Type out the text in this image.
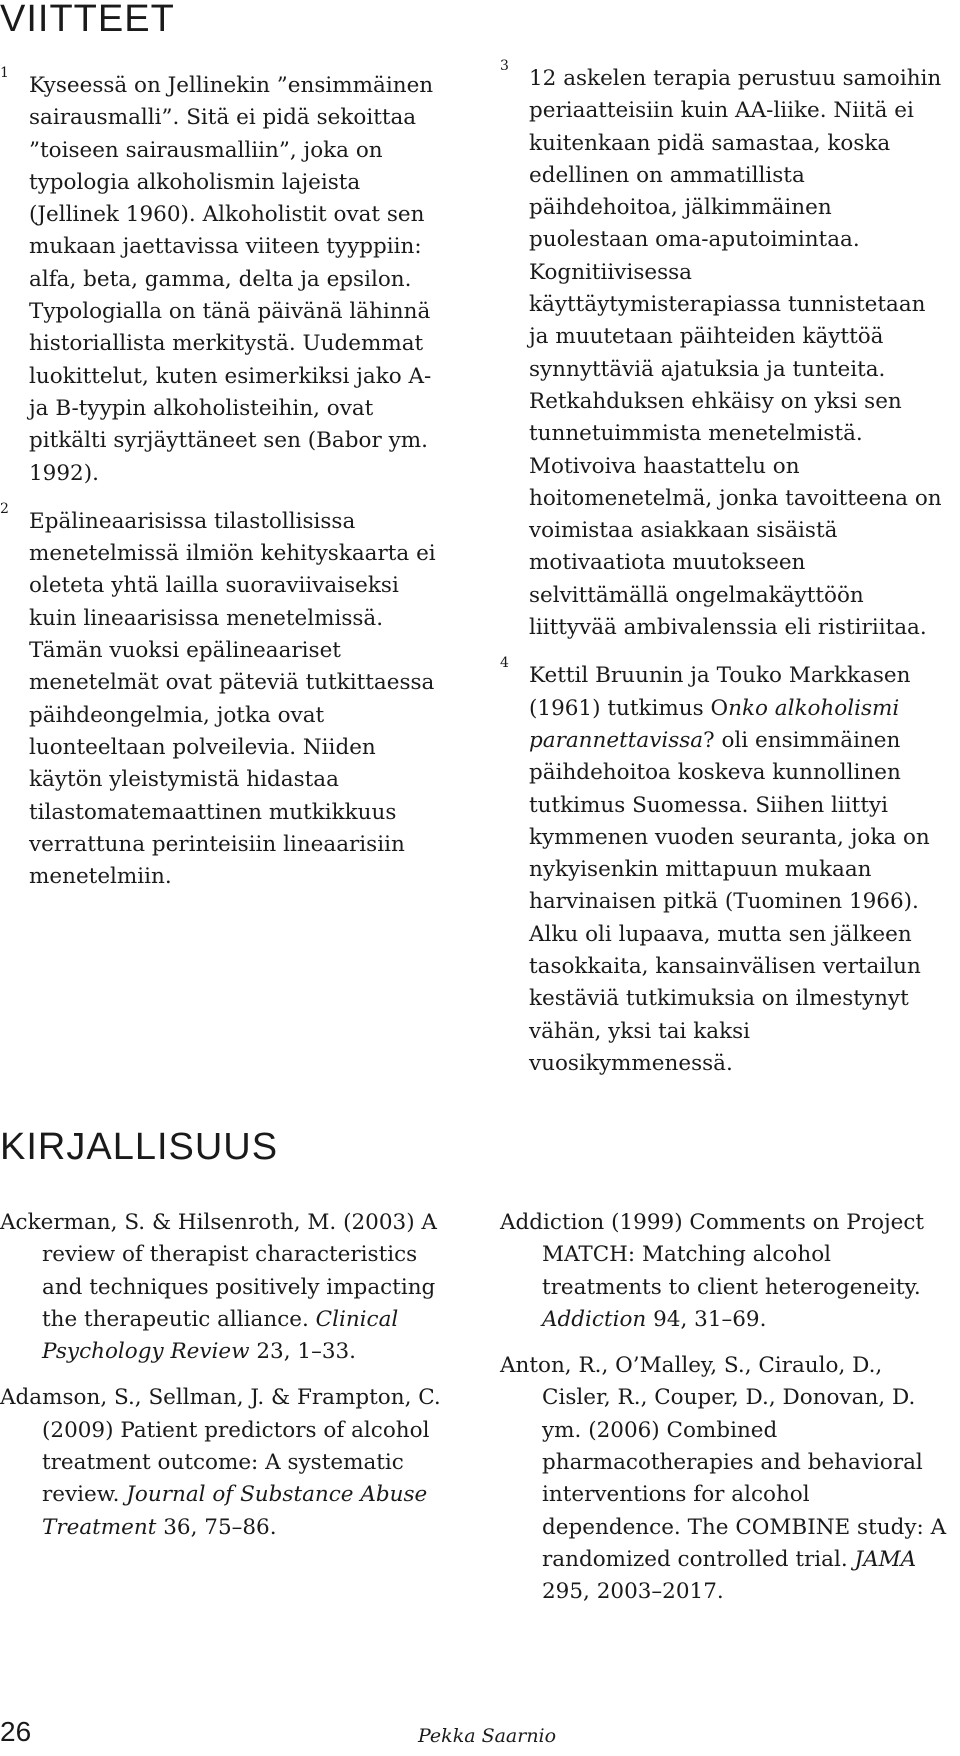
VIITTEET
1 Kyseessä on Jellinekin ”ensimmäinen sairausmalli”. Sitä ei pidä sekoittaa ”toiseen sairausmalliin”, joka on typologia alkoholismin lajeista (Jellinek 1960). Alkoholistit ovat sen mukaan jaettavissa viiteen tyyppiin: alfa, beta, gamma, delta ja epsilon. Typologialla on tänä päivänä lähinnä historiallista merkitystä. Uudemmat luokittelut, kuten esimerkiksi jako A- ja B-tyypin alkoholisteihin, ovat pitkälti syrjäyttäneet sen (Babor ym. 1992).
2 Epälineaarisissa tilastollisissa menetelmissä ilmiön kehityskaarta ei oleteta yhtä lailla suoraviivaiseksi kuin lineaarisissa menetelmissä. Tämän vuoksi epälineaariset menetelmät ovat päteviä tutkittaessa päihdeongelmia, jotka ovat luonteeltaan polveilevia. Niiden käytön yleistymistä hidastaa tilastomatemaattinen mutkikkuus verrattuna perinteisiin lineaarisiin menetelmiin.
3 12 askelen terapia perustuu samoihin periaatteisiin kuin AA-liike. Niitä ei kuitenkaan pidä samastaa, koska edellinen on ammatillista päihdehoitoa, jälkimmäinen puolestaan oma-aputoimintaa. Kognitiivisessa käyttäytymisterapiassa tunnistetaan ja muutetaan päihteiden käyttöä synnyttäviä ajatuksia ja tunteita. Retkahduksen ehkäisy on yksi sen tunnetuimmista menetelmistä. Motivoiva haastattelu on hoitomenetelmä, jonka tavoitteena on voimistaa asiakkaan sisäistä motivaatiota muutokseen selvittämällä ongelmakäyttöön liittyvää ambivalenssia eli ristiriitaa.
4 Kettil Bruunin ja Touko Markkasen (1961) tutkimus Onko alkoholismi parannettavissa? oli ensimmäinen päihdehoitoa koskeva kunnollinen tutkimus Suomessa. Siihen liittyi kymmenen vuoden seuranta, joka on nykyisenkin mittapuun mukaan harvinaisen pitkä (Tuominen 1966). Alku oli lupaava, mutta sen jälkeen tasokkaita, kansainvälisen vertailun kestäviä tutkimuksia on ilmestynyt vähän, yksi tai kaksi vuosikymmenessä.
KIRJALLISUUS
Ackerman, S. & Hilsenroth, M. (2003) A review of therapist characteristics and techniques positively impacting the therapeutic alliance. Clinical Psychology Review 23, 1–33.
Adamson, S., Sellman, J. & Frampton, C. (2009) Patient predictors of alcohol treatment outcome: A systematic review. Journal of Substance Abuse Treatment 36, 75–86.
Addiction (1999) Comments on Project MATCH: Matching alcohol treatments to client heterogeneity. Addiction 94, 31–69.
Anton, R., O’Malley, S., Ciraulo, D., Cisler, R., Couper, D., Donovan, D. ym. (2006) Combined pharmacotherapies and behavioral interventions for alcohol dependence. The COMBINE study: A randomized controlled trial. JAMA 295, 2003–2017.
26	Pekka Saarnio
